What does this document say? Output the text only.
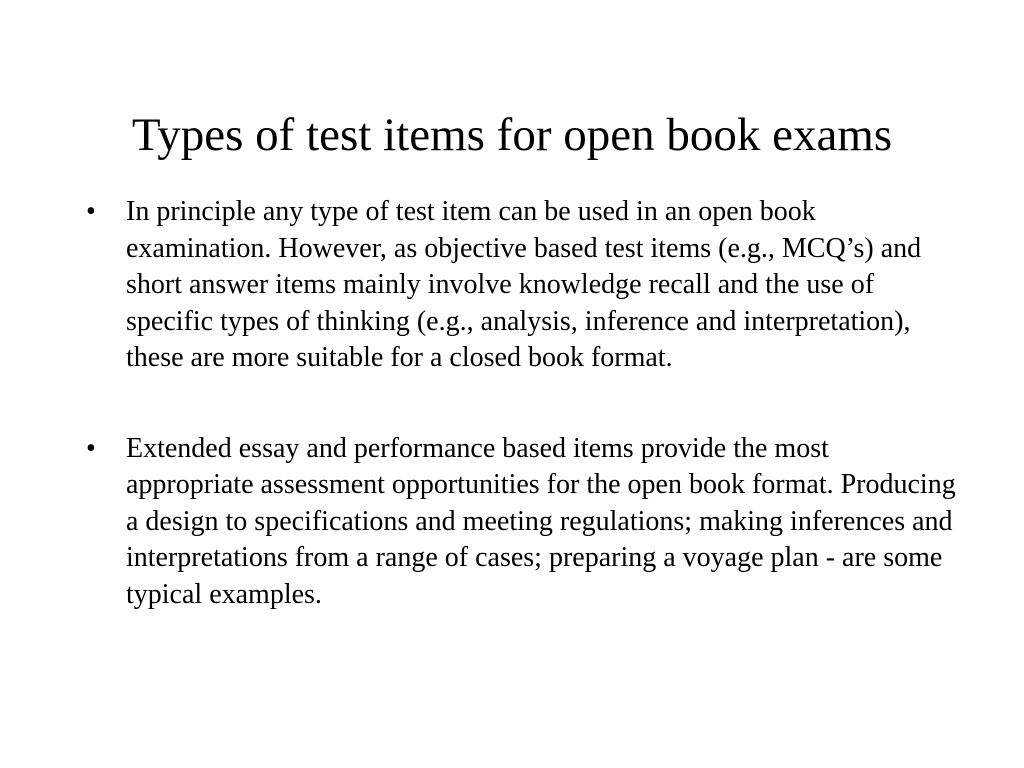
Types of test items for open book exams
•	In principle any type of test item can be used in an open book examination. However, as objective based test items (e.g., MCQ’s) and short answer items mainly involve knowledge recall and the use of specific types of thinking (e.g., analysis, inference and interpretation), these are more suitable for a closed book format.
•	Extended essay and performance based items provide the most appropriate assessment opportunities for the open book format. Producing a design to specifications and meeting regulations; making inferences and interpretations from a range of cases; preparing a voyage plan - are some typical examples.
